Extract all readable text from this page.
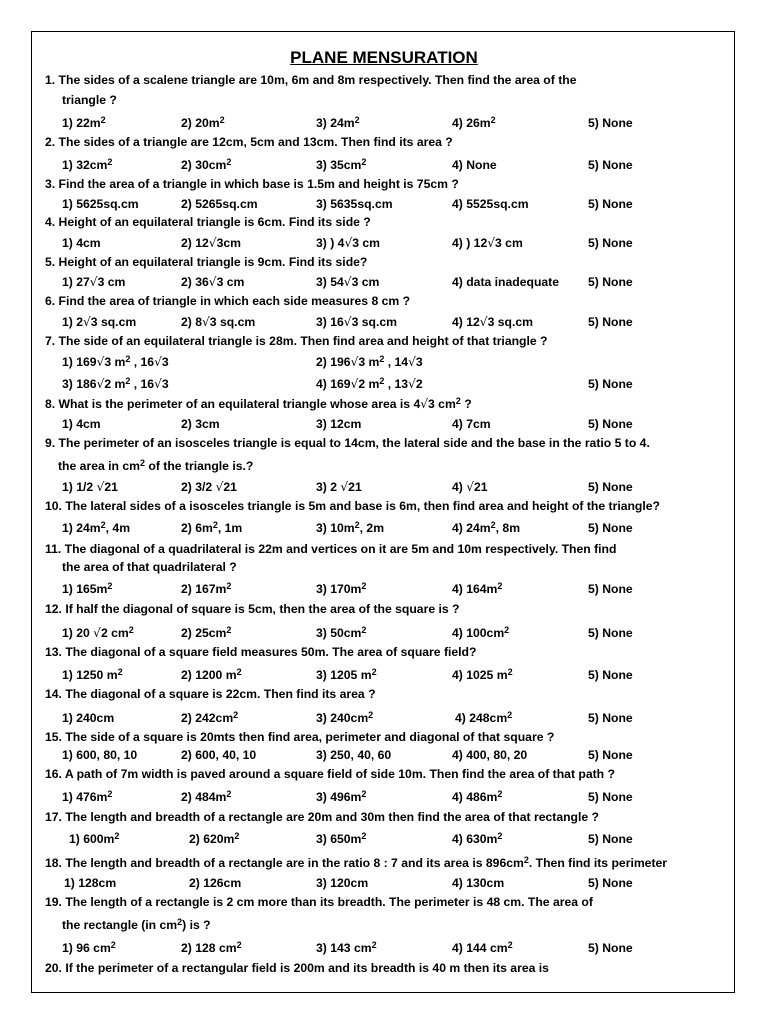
PLANE MENSURATION
1. The sides of a scalene triangle are 10m, 6m and 8m respectively. Then find the area of the
triangle ?
1) $22m^2$	2) $20m^2$	3) $24m^2$	4) $26m^2$	5) None
2. The sides of a triangle are 12cm, 5cm and 13cm. Then find its area ?
1) $32cm^2$	2) $30cm^2$	3) $35cm^2$	4) None	5) None
3. Find the area of a triangle in which base is 1.5m and height is 75cm ?
1) 5625sq.cm	2) 5265sq.cm	3) 5635sq.cm	4) 5525sq.cm	5) None
4. Height of an equilateral triangle is 6cm. Find its side ?
1) 4cm	2) 12√3cm	3) ) 4√3 cm	4) ) 12√3 cm	5) None
5. Height of an equilateral triangle is 9cm. Find its side?
1) 27√3 cm	2) 36√3 cm	3) 54√3 cm	4) data inadequate 5) None
6. Find the area of triangle in which each side measures 8 cm ?
1) 2√3 sq.cm	2) 8√3 sq.cm	3) 16√3 sq.cm	4) 12√3 sq.cm	5) None
7. The side of an equilateral triangle is 28m. Then find area and height of that triangle ?
1) 169√3 $m^2$ , 16√3	2) 196√3 $m^2$ , 14√3
3) 186√2 $m^2$ , 16√3	4) 169√2 $m^2$ , 13√2	5) None
8. What is the perimeter of an equilateral triangle whose area is 4√3 $cm^2$ ?
1) 4cm	2) 3cm	3) 12cm	4) 7cm	5) None
9. The perimeter of an isosceles triangle is equal to 14cm, the lateral side and the base in the ratio 5 to 4.
the area in $cm^2$ of the triangle is.?
1) 1/2 √21	2) 3/2 √21	3) 2 √21	4) √21	5) None
10. The lateral sides of a isosceles triangle is 5m and base is 6m, then find area and height of the triangle?
1) $24m^2$, 4m	2) $6m^2$, 1m	3) $10m^2$, 2m	4) $24m^2$, 8m	5) None
11. The diagonal of a quadrilateral is 22m and vertices on it are 5m and 10m respectively. Then find
the area of that quadrilateral ?
1) $165m^2$	2) $167m^2$	3) $170m^2$	4) $164m^2$	5) None
12. If half the diagonal of square is 5cm, then the area of the square is ?
1) 20 √2 $cm^2$	2) $25cm^2$	3) $50cm^2$	4) $100cm^2$	5) None
13. The diagonal of a square field measures 50m. The area of square field?
1) 1250 $m^2$	2) 1200 $m^2$	3) 1205 $m^2$	4) 1025 $m^2$	5) None
14. The diagonal of a square is 22cm. Then find its area ?
1) 240cm	2) $242cm^2$	3) $240cm^2$	4) $248cm^2$	5) None
15. The side of a square is 20mts then find area, perimeter and diagonal of that square ?
1) 600, 80, 10	2) 600, 40, 10	3) 250, 40, 60	4) 400, 80, 20	5) None
16. A path of 7m width is paved around a square field of side 10m. Then find the area of that path ?
1) $476m^2$	2) $484m^2$	3) $496m^2$	4) $486m^2$	5) None
17. The length and breadth of a rectangle are 20m and 30m then find the area of that rectangle ?
1) $600m^2$	2) $620m^2$	3) $650m^2$	4) $630m^2$	5) None
18. The length and breadth of a rectangle are in the ratio 8 : 7 and its area is $896cm^2$. Then find its perimeter
1) 128cm	2) 126cm	3) 120cm	4) 130cm	5) None
19. The length of a rectangle is 2 cm more than its breadth. The perimeter is 48 cm. The area of
the rectangle (in $cm^2$) is ?
1) 96 $cm^2$	2) 128 $cm^2$	3) 143 $cm^2$	4) 144 $cm^2$	5) None
20. If the perimeter of a rectangular field is 200m and its breadth is 40 m then its area is
